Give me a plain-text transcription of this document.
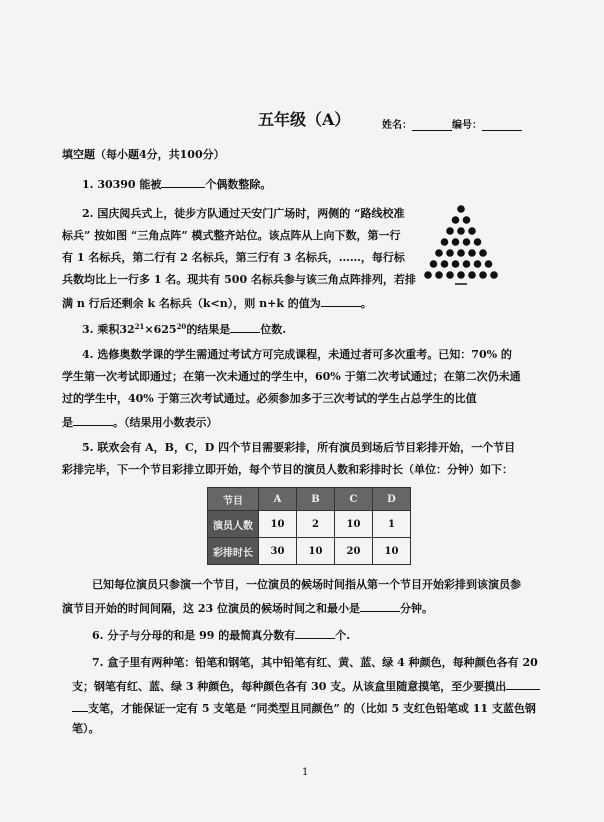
五年级（A）	姓名：	编号：
填空题（每小题4分，共100分）
1. 30390 能被	个偶数整除。
2. 国庆阅兵式上，徒步方队通过天安门广场时，两侧的 “路线校准
标兵” 按如图 “三角点阵” 模式整齐站位。该点阵从上向下数，第一行
有 1 名标兵，第二行有 2 名标兵，第三行有 3 名标兵，……，每行标
兵数均比上一行多 1 名。现共有 500 名标兵参与该三角点阵排列，若排
满 n 行后还剩余 k 名标兵（k<n），则 n+k 的值为	。
3. 乘积$32^{21}\times 625^{20}$的结果是	位数.
4. 选修奥数学课的学生需通过考试方可完成课程，未通过者可多次重考。已知：70% 的
学生第一次考试即通过；在第一次未通过的学生中，60% 于第二次考试通过；在第二次仍未通
过的学生中，40% 于第三次考试通过。必须参加多于三次考试的学生占总学生的比值
是	。（结果用小数表示）
5. 联欢会有 A，B，C，D 四个节目需要彩排，所有演员到场后节目彩排开始，一个节目
彩排完毕，下一个节目彩排立即开始，每个节目的演员人数和彩排时长（单位：分钟）如下：
节目	A	B	C	D
演员人数	10	2	10	1
彩排时长	30	10	20	10
已知每位演员只参演一个节目，一位演员的候场时间指从第一个节目开始彩排到该演员参
演节目开始的时间间隔，这 23 位演员的候场时间之和最小是	分钟。
6. 分子与分母的和是 99 的最简真分数有	个.
7. 盒子里有两种笔：铅笔和钢笔，其中铅笔有红、黄、蓝、绿 4 种颜色，每种颜色各有 20
支；钢笔有红、蓝、绿 3 种颜色，每种颜色各有 30 支。从该盒里随意摸笔，至少要摸出
支笔，才能保证一定有 5 支笔是 “同类型且同颜色” 的（比如 5 支红色铅笔或 11 支蓝色钢
笔）。
1
